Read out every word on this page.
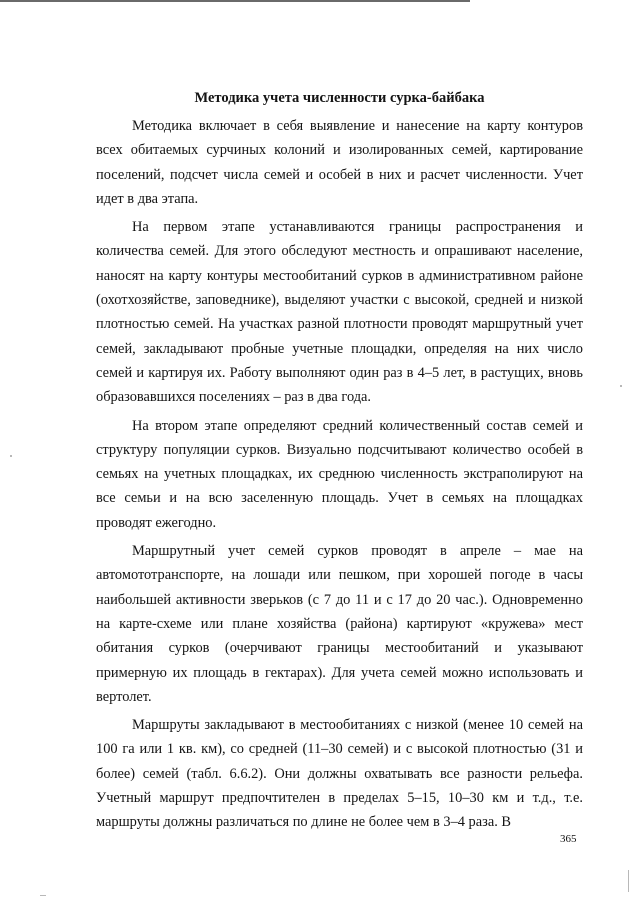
Методика учета численности сурка-байбака

Методика включает в себя выявление и нанесение на карту контуров всех обитаемых сурчиных колоний и изолированных семей, картирование поселений, подсчет числа семей и особей в них и расчет численности. Учет идет в два этапа.

На первом этапе устанавливаются границы распространения и количества семей. Для этого обследуют местность и опрашивают население, наносят на карту контуры местообитаний сурков в административном районе (охотхозяйстве, заповеднике), выделяют участки с высокой, средней и низкой плотностью семей. На участках разной плотности проводят маршрутный учет семей, закладывают пробные учетные площадки, определяя на них число семей и картируя их. Работу выполняют один раз в 4–5 лет, в растущих, вновь образовавшихся поселениях – раз в два года.

На втором этапе определяют средний количественный состав семей и структуру популяции сурков. Визуально подсчитывают количество особей в семьях на учетных площадках, их среднюю численность экстраполируют на все семьи и на всю заселенную площадь. Учет в семьях на площадках проводят ежегодно.

Маршрутный учет семей сурков проводят в апреле – мае на автомототранспорте, на лошади или пешком, при хорошей погоде в часы наибольшей активности зверьков (с 7 до 11 и с 17 до 20 час.). Одновременно на карте-схеме или плане хозяйства (района) картируют «кружева» мест обитания сурков (очерчивают границы местообитаний и указывают примерную их площадь в гектарах). Для учета семей можно использовать и вертолет.

Маршруты закладывают в местообитаниях с низкой (менее 10 семей на 100 га или 1 кв. км), со средней (11–30 семей) и с высокой плотностью (31 и более) семей (табл. 6.6.2). Они должны охватывать все разности рельефа. Учетный маршрут предпочтителен в пределах 5–15, 10–30 км и т.д., т.е. маршруты должны различаться по длине не более чем в 3–4 раза. В

365
